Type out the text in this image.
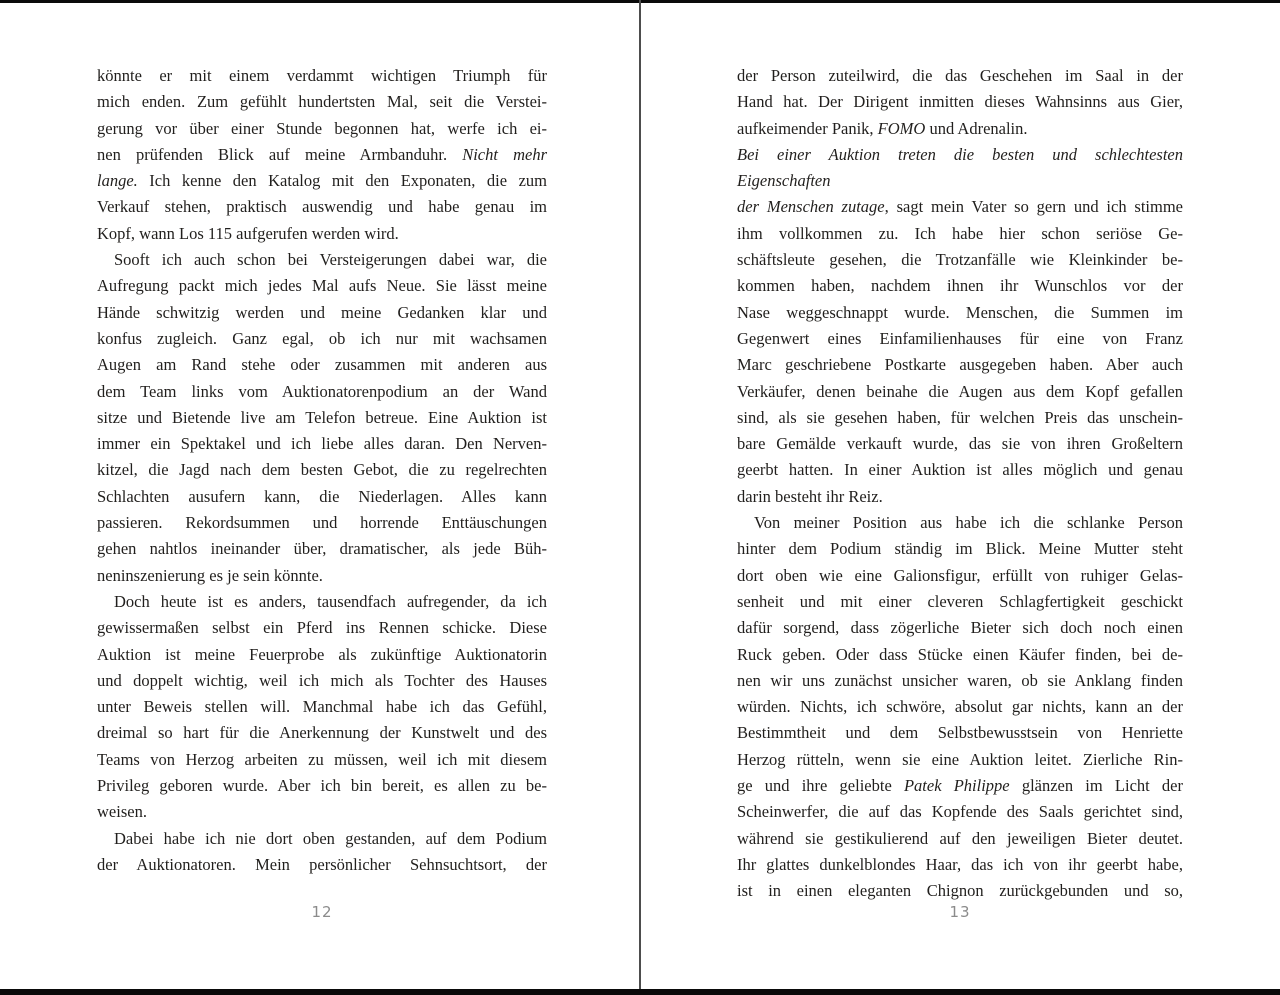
könnte er mit einem verdammt wichtigen Triumph für
mich enden. Zum gefühlt hundertsten Mal, seit die Verstei-
gerung vor über einer Stunde begonnen hat, werfe ich ei-
nen prüfenden Blick auf meine Armbanduhr. Nicht mehr
lange. Ich kenne den Katalog mit den Exponaten, die zum
Verkauf stehen, praktisch auswendig und habe genau im
Kopf, wann Los 115 aufgerufen werden wird.
Sooft ich auch schon bei Versteigerungen dabei war, die
Aufregung packt mich jedes Mal aufs Neue. Sie lässt meine
Hände schwitzig werden und meine Gedanken klar und
konfus zugleich. Ganz egal, ob ich nur mit wachsamen
Augen am Rand stehe oder zusammen mit anderen aus
dem Team links vom Auktionatorenpodium an der Wand
sitze und Bietende live am Telefon betreue. Eine Auktion ist
immer ein Spektakel und ich liebe alles daran. Den Nerven-
kitzel, die Jagd nach dem besten Gebot, die zu regelrechten
Schlachten ausufern kann, die Niederlagen. Alles kann
passieren. Rekordsummen und horrende Enttäuschungen
gehen nahtlos ineinander über, dramatischer, als jede Büh-
neninszenierung es je sein könnte.
Doch heute ist es anders, tausendfach aufregender, da ich
gewissermaßen selbst ein Pferd ins Rennen schicke. Diese
Auktion ist meine Feuerprobe als zukünftige Auktionatorin
und doppelt wichtig, weil ich mich als Tochter des Hauses
unter Beweis stellen will. Manchmal habe ich das Gefühl,
dreimal so hart für die Anerkennung der Kunstwelt und des
Teams von Herzog arbeiten zu müssen, weil ich mit diesem
Privileg geboren wurde. Aber ich bin bereit, es allen zu be-
weisen.
Dabei habe ich nie dort oben gestanden, auf dem Podium
der Auktionatoren. Mein persönlicher Sehnsuchtsort, der
der Person zuteilwird, die das Geschehen im Saal in der
Hand hat. Der Dirigent inmitten dieses Wahnsinns aus Gier,
aufkeimender Panik, FOMO und Adrenalin.
Bei einer Auktion treten die besten und schlechtesten Eigenschaften
der Menschen zutage, sagt mein Vater so gern und ich stimme
ihm vollkommen zu. Ich habe hier schon seriöse Ge-
schäftsleute gesehen, die Trotzanfälle wie Kleinkinder be-
kommen haben, nachdem ihnen ihr Wunschlos vor der
Nase weggeschnappt wurde. Menschen, die Summen im
Gegenwert eines Einfamilienhauses für eine von Franz
Marc geschriebene Postkarte ausgegeben haben. Aber auch
Verkäufer, denen beinahe die Augen aus dem Kopf gefallen
sind, als sie gesehen haben, für welchen Preis das unschein-
bare Gemälde verkauft wurde, das sie von ihren Großeltern
geerbt hatten. In einer Auktion ist alles möglich und genau
darin besteht ihr Reiz.
Von meiner Position aus habe ich die schlanke Person
hinter dem Podium ständig im Blick. Meine Mutter steht
dort oben wie eine Galionsfigur, erfüllt von ruhiger Gelas-
senheit und mit einer cleveren Schlagfertigkeit geschickt
dafür sorgend, dass zögerliche Bieter sich doch noch einen
Ruck geben. Oder dass Stücke einen Käufer finden, bei de-
nen wir uns zunächst unsicher waren, ob sie Anklang finden
würden. Nichts, ich schwöre, absolut gar nichts, kann an der
Bestimmtheit und dem Selbstbewusstsein von Henriette
Herzog rütteln, wenn sie eine Auktion leitet. Zierliche Rin-
ge und ihre geliebte Patek Philippe glänzen im Licht der
Scheinwerfer, die auf das Kopfende des Saals gerichtet sind,
während sie gestikulierend auf den jeweiligen Bieter deutet.
Ihr glattes dunkelblondes Haar, das ich von ihr geerbt habe,
ist in einen eleganten Chignon zurückgebunden und so,
12	13
